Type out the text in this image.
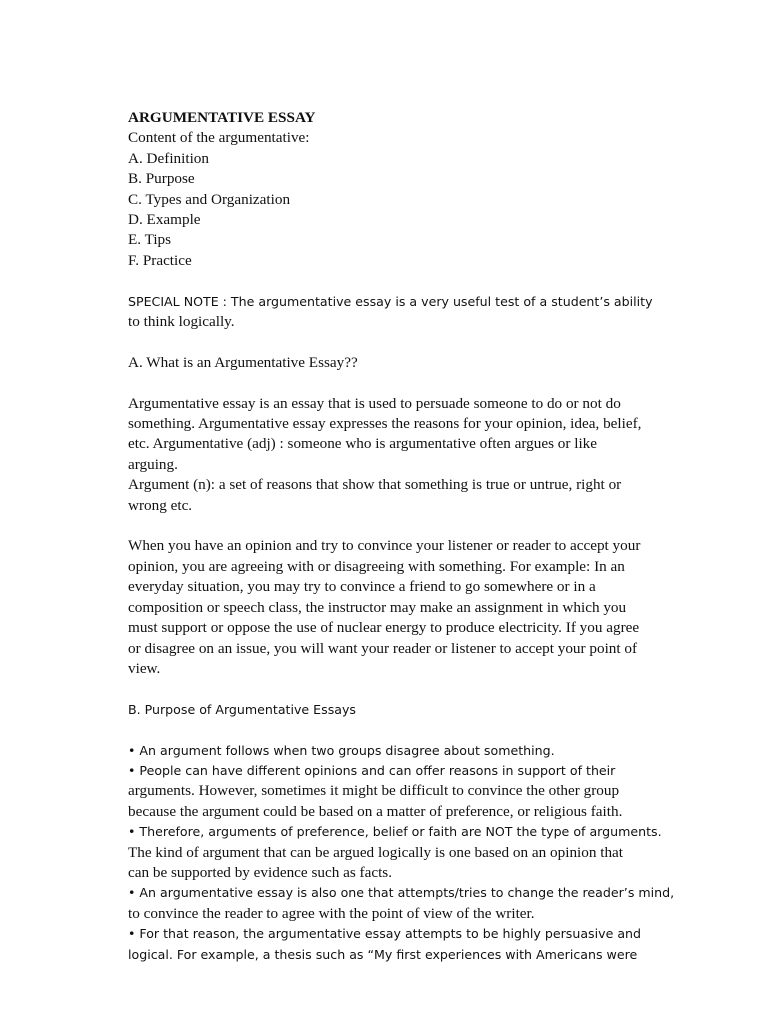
ARGUMENTATIVE ESSAY
Content of the argumentative:
A. Definition
B. Purpose
C. Types and Organization
D. Example
E. Tips
F. Practice
SPECIAL NOTE : The argumentative essay is a very useful test of a student’s ability
to think logically.
A. What is an Argumentative Essay??
Argumentative essay is an essay that is used to persuade someone to do or not do
something. Argumentative essay expresses the reasons for your opinion, idea, belief,
etc. Argumentative (adj) : someone who is argumentative often argues or like
arguing.
Argument (n): a set of reasons that show that something is true or untrue, right or
wrong etc.
When you have an opinion and try to convince your listener or reader to accept your
opinion, you are agreeing with or disagreeing with something. For example: In an
everyday situation, you may try to convince a friend to go somewhere or in a
composition or speech class, the instructor may make an assignment in which you
must support or oppose the use of nuclear energy to produce electricity. If you agree
or disagree on an issue, you will want your reader or listener to accept your point of
view.
B. Purpose of Argumentative Essays
• An argument follows when two groups disagree about something.
• People can have different opinions and can offer reasons in support of their
arguments. However, sometimes it might be difficult to convince the other group
because the argument could be based on a matter of preference, or religious faith.
• Therefore, arguments of preference, belief or faith are NOT the type of arguments.
The kind of argument that can be argued logically is one based on an opinion that
can be supported by evidence such as facts.
• An argumentative essay is also one that attempts/tries to change the reader’s mind,
to convince the reader to agree with the point of view of the writer.
• For that reason, the argumentative essay attempts to be highly persuasive and
logical. For example, a thesis such as “My first experiences with Americans were
